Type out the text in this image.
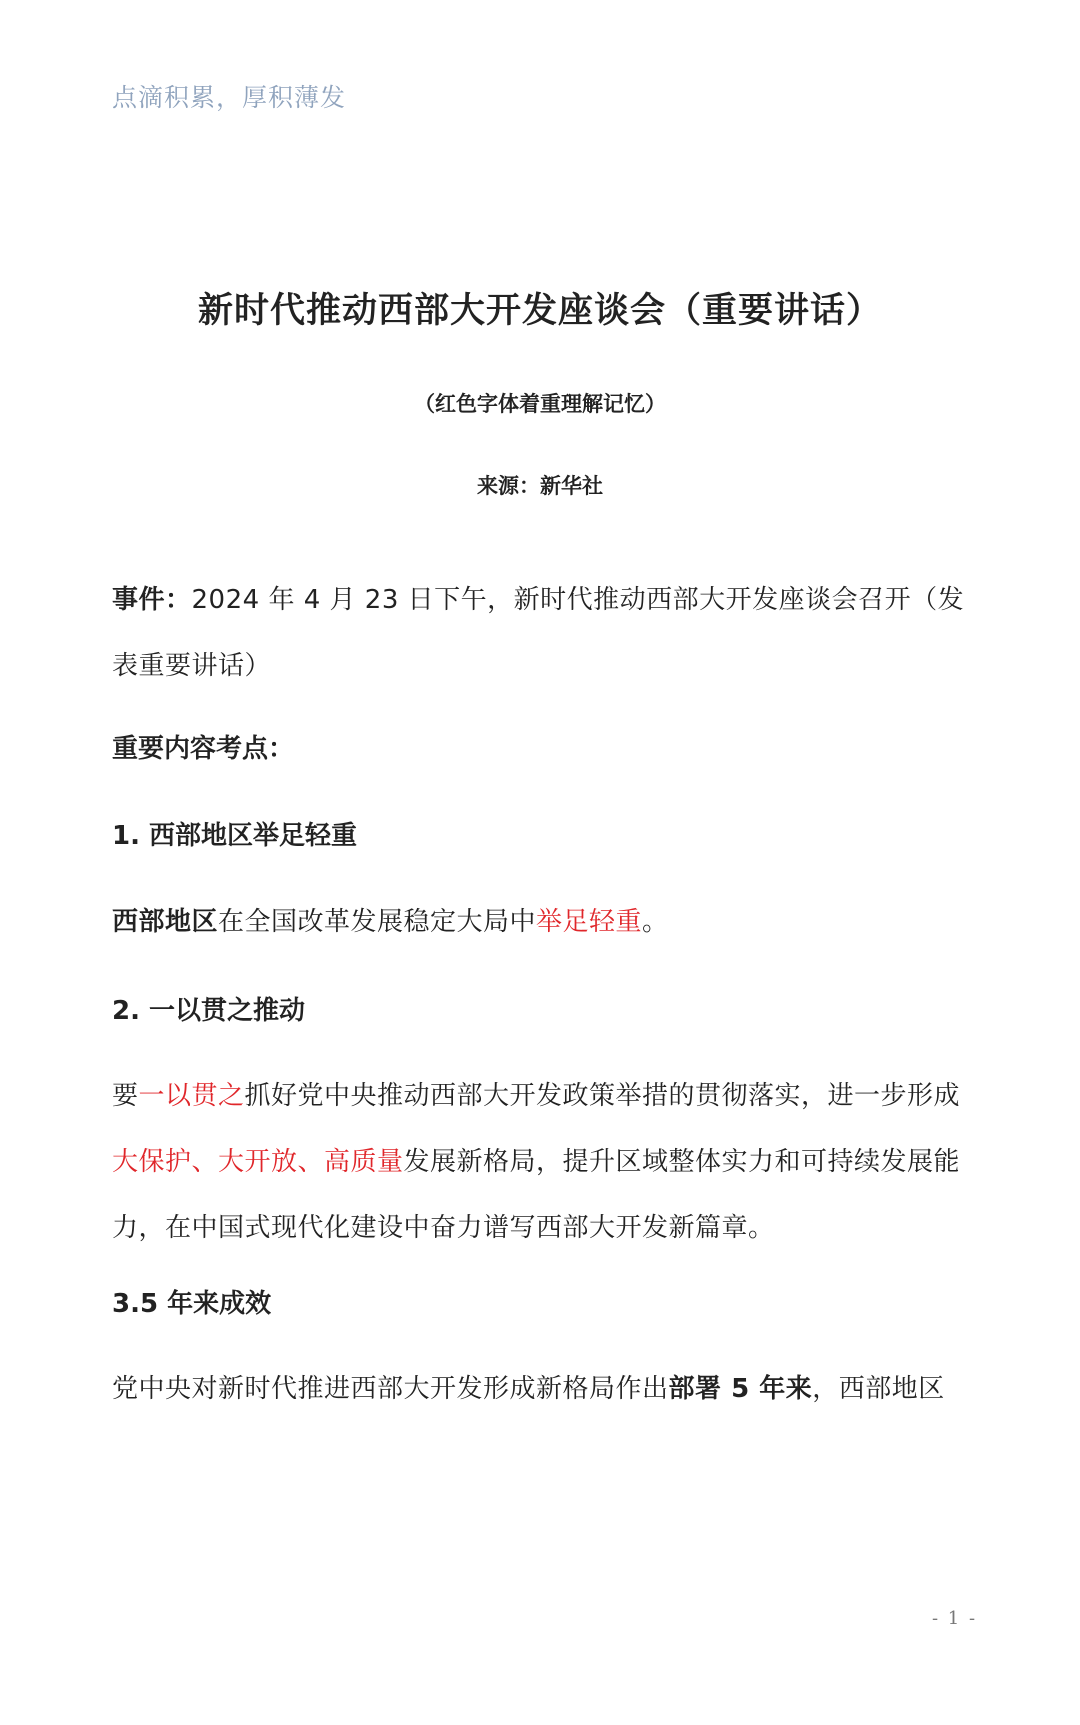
点滴积累，厚积薄发
新时代推动西部大开发座谈会（重要讲话）
（红色字体着重理解记忆）
来源：新华社
事件：2024 年 4 月 23 日下午，新时代推动西部大开发座谈会召开（发表重要讲话）
重要内容考点：
1. 西部地区举足轻重
西部地区在全国改革发展稳定大局中举足轻重。
2. 一以贯之推动
要一以贯之抓好党中央推动西部大开发政策举措的贯彻落实，进一步形成大保护、大开放、高质量发展新格局，提升区域整体实力和可持续发展能力，在中国式现代化建设中奋力谱写西部大开发新篇章。
3.5 年来成效
党中央对新时代推进西部大开发形成新格局作出部署 5 年来，西部地区
- 1 -
